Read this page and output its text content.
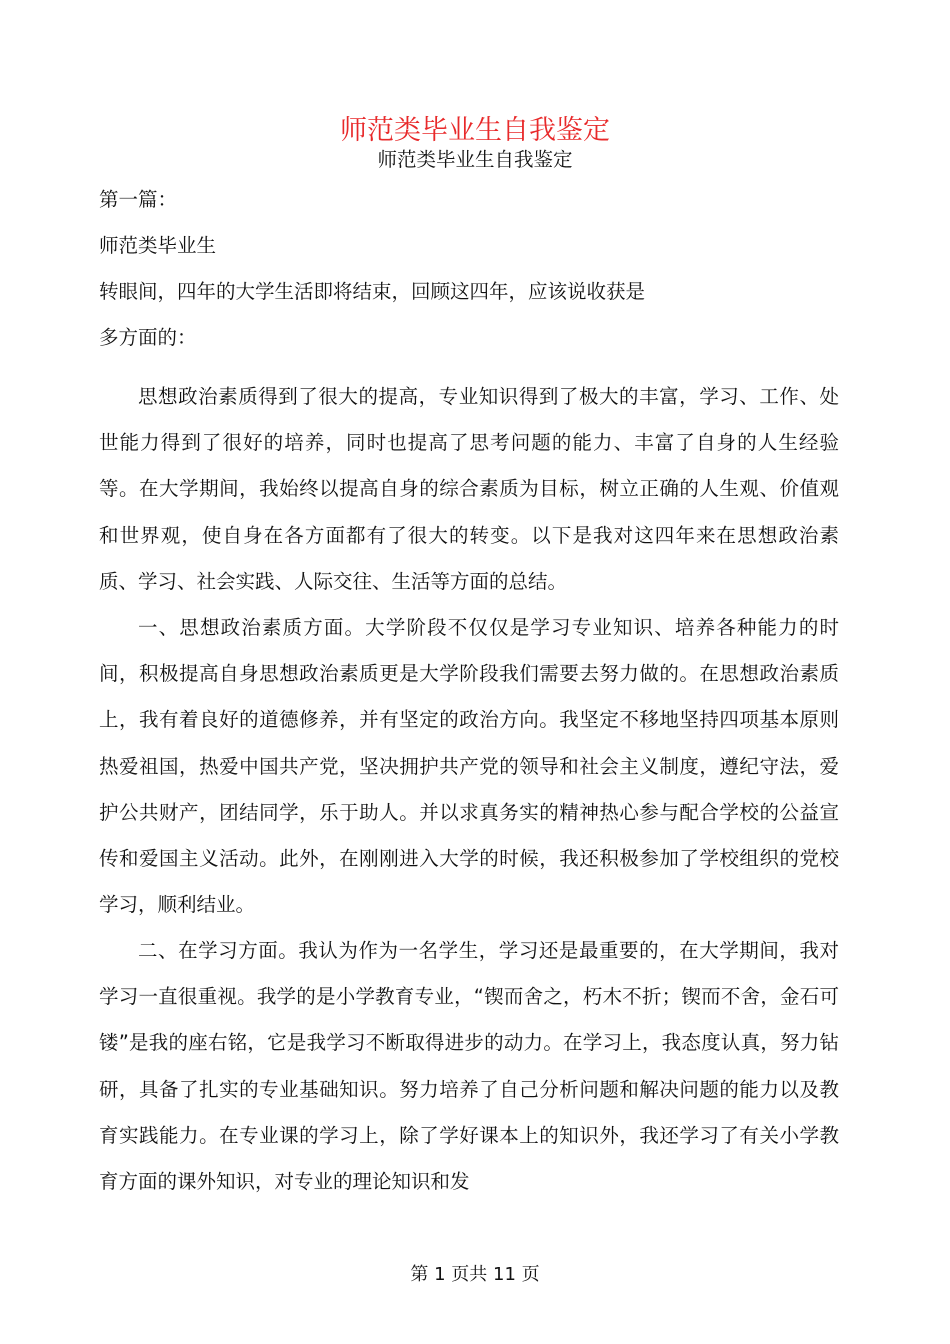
师范类毕业生自我鉴定
师范类毕业生自我鉴定
第一篇：
师范类毕业生
转眼间，四年的大学生活即将结束，回顾这四年，应该说收获是
多方面的：
思想政治素质得到了很大的提高，专业知识得到了极大的丰富，学习、工作、处世能力得到了很好的培养，同时也提高了思考问题的能力、丰富了自身的人生经验等。在大学期间，我始终以提高自身的综合素质为目标，树立正确的人生观、价值观和世界观，使自身在各方面都有了很大的转变。以下是我对这四年来在思想政治素质、学习、社会实践、人际交往、生活等方面的总结。
一、思想政治素质方面。大学阶段不仅仅是学习专业知识、培养各种能力的时间，积极提高自身思想政治素质更是大学阶段我们需要去努力做的。在思想政治素质上，我有着良好的道德修养，并有坚定的政治方向。我坚定不移地坚持四项基本原则热爱祖国，热爱中国共产党，坚决拥护共产党的领导和社会主义制度，遵纪守法，爱护公共财产，团结同学，乐于助人。并以求真务实的精神热心参与配合学校的公益宣传和爱国主义活动。此外，在刚刚进入大学的时候，我还积极参加了学校组织的党校学习，顺利结业。
二、在学习方面。我认为作为一名学生，学习还是最重要的，在大学期间，我对学习一直很重视。我学的是小学教育专业，“锲而舍之，朽木不折；锲而不舍，金石可镂”是我的座右铭，它是我学习不断取得进步的动力。在学习上，我态度认真，努力钻研，具备了扎实的专业基础知识。努力培养了自己分析问题和解决问题的能力以及教育实践能力。在专业课的学习上，除了学好课本上的知识外，我还学习了有关小学教育方面的课外知识，对专业的理论知识和发
第 1 页共 11 页
